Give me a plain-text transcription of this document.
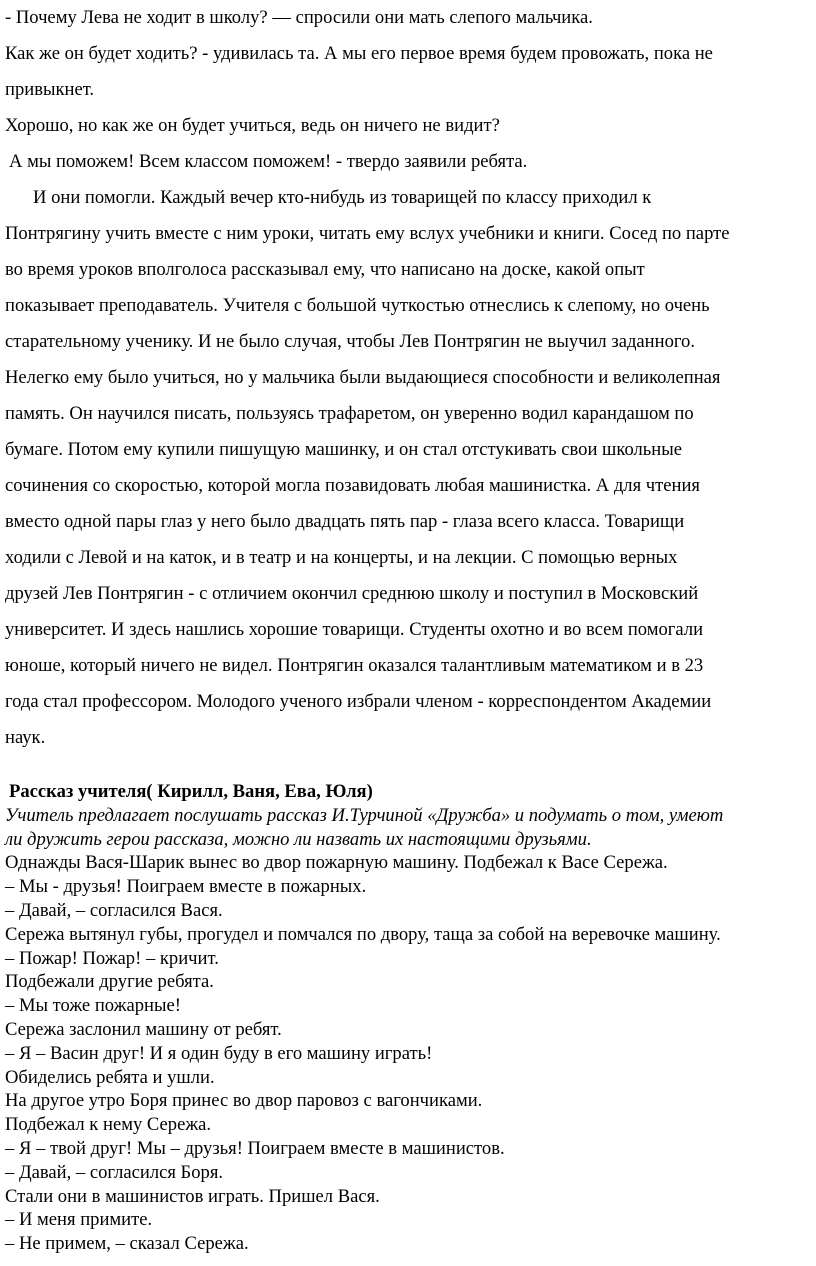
- Почему Лева не ходит в школу? — спросили они мать слепого мальчика.

Как же он будет ходить? - удивилась та. А мы его первое время будем провожать, пока не

привыкнет.

Хорошо, но как же он будет учиться, ведь он ничего не видит?

А мы поможем! Всем классом поможем! - твердо заявили ребята.

И они помогли. Каждый вечер кто-нибудь из товарищей по классу приходил к

Понтрягину учить вместе с ним уроки, читать ему вслух учебники и книги. Сосед по парте

во время уроков вполголоса рассказывал ему, что написано на доске, какой опыт

показывает преподаватель. Учителя с большой чуткостью отнеслись к слепому, но очень

старательному ученику. И не было случая, чтобы Лев Понтрягин не выучил заданного.

Нелегко ему было учиться, но у мальчика были выдающиеся способности и великолепная

память. Он научился писать, пользуясь трафаретом, он уверенно водил карандашом по

бумаге. Потом ему купили пишущую машинку, и он стал отстукивать свои школьные

сочинения со скоростью, которой могла позавидовать любая машинистка. А для чтения

вместо одной пары глаз у него было двадцать пять пар - глаза всего класса. Товарищи

ходили с Левой и на каток, и в театр и на концерты, и на лекции. С помощью верных

друзей Лев Понтрягин - с отличием окончил среднюю школу и поступил в Московский

университет. И здесь нашлись хорошие товарищи. Студенты охотно и во всем помогали

юноше, который ничего не видел. Понтрягин оказался талантливым математиком и в 23

года стал профессором. Молодого ученого избрали членом - корреспондентом Академии

наук.

Рассказ учителя( Кирилл, Ваня, Ева, Юля)

Учитель предлагает послушать рассказ И.Турчиной «Дружба» и подумать о том, умеют

ли дружить герои рассказа, можно ли назвать их настоящими друзьями.

Однажды Вася-Шарик вынес во двор пожарную машину. Подбежал к Васе Сережа.

– Мы - друзья! Поиграем вместе в пожарных.

– Давай, – согласился Вася.

Сережа вытянул губы, прогудел и помчался по двору, таща за собой на веревочке машину.

– Пожар! Пожар! – кричит.

Подбежали другие ребята.

– Мы тоже пожарные!

Сережа заслонил машину от ребят.

– Я – Васин друг! И я один буду в его машину играть!

Обиделись ребята и ушли.

На другое утро Боря принес во двор паровоз с вагончиками.

Подбежал к нему Сережа.

– Я – твой друг! Мы – друзья! Поиграем вместе в машинистов.

– Давай, – согласился Боря.

Стали они в машинистов играть. Пришел Вася.

– И меня примите.

– Не примем, – сказал Сережа.
